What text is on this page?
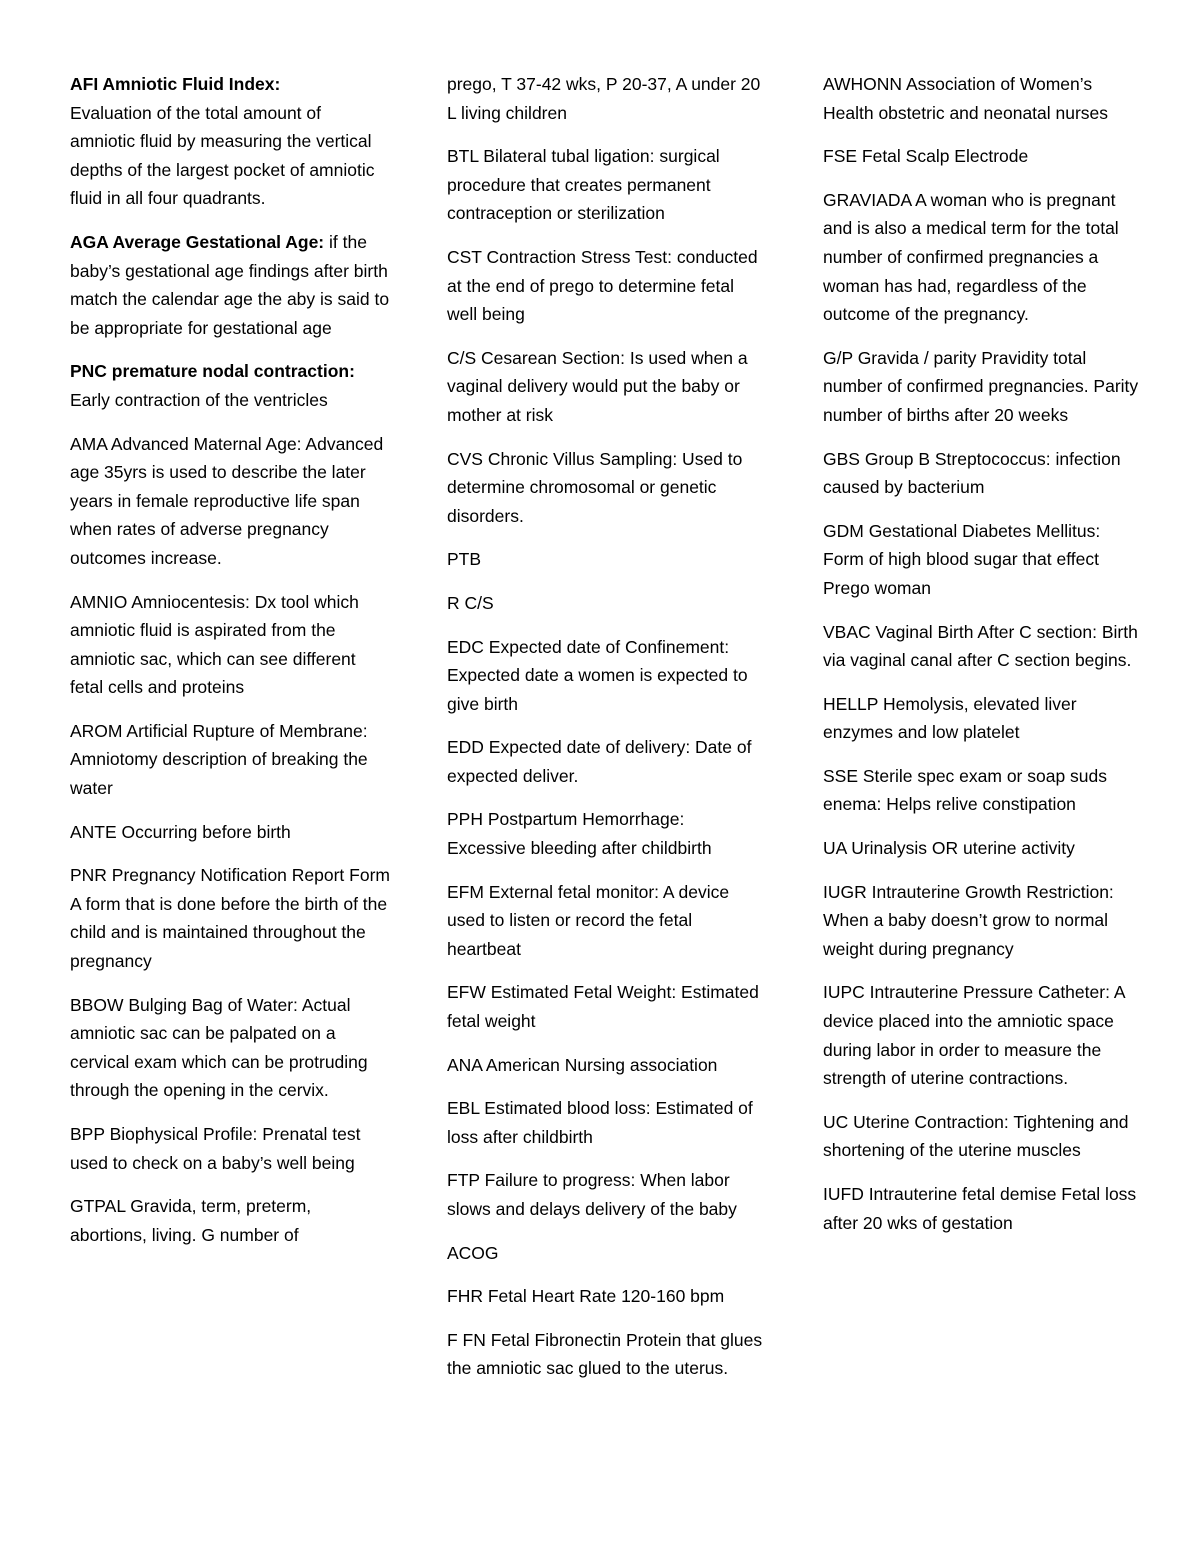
AFI Amniotic Fluid Index:
Evaluation of the total amount of amniotic fluid by measuring the vertical depths of the largest pocket of amniotic fluid in all four quadrants.

AGA Average Gestational Age: if the baby’s gestational age findings after birth match the calendar age the aby is said to be appropriate for gestational age

PNC premature nodal contraction:
Early contraction of the ventricles

AMA Advanced Maternal Age: Advanced age 35yrs is used to describe the later years in female reproductive life span when rates of adverse pregnancy outcomes increase.

AMNIO Amniocentesis: Dx tool which amniotic fluid is aspirated from the amniotic sac, which can see different fetal cells and proteins

AROM Artificial Rupture of Membrane: Amniotomy description of breaking the water

ANTE Occurring before birth

PNR Pregnancy Notification Report Form A form that is done before the birth of the child and is maintained throughout the pregnancy

BBOW Bulging Bag of Water: Actual amniotic sac can be palpated on a cervical exam which can be protruding through the opening in the cervix.

BPP Biophysical Profile: Prenatal test used to check on a baby’s well being

GTPAL Gravida, term, preterm, abortions, living. G number of

prego, T 37-42 wks, P 20-37, A under 20 L living children

BTL Bilateral tubal ligation: surgical procedure that creates permanent contraception or sterilization

CST Contraction Stress Test: conducted at the end of prego to determine fetal well being

C/S Cesarean Section: Is used when a vaginal delivery would put the baby or mother at risk

CVS Chronic Villus Sampling: Used to determine chromosomal or genetic disorders.

PTB

R C/S

EDC Expected date of Confinement: Expected date a women is expected to give birth

EDD Expected date of delivery: Date of expected deliver.

PPH Postpartum Hemorrhage: Excessive bleeding after childbirth

EFM External fetal monitor: A device used to listen or record the fetal heartbeat

EFW Estimated Fetal Weight: Estimated fetal weight

ANA American Nursing association

EBL Estimated blood loss: Estimated of loss after childbirth

FTP Failure to progress: When labor slows and delays delivery of the baby

ACOG

FHR Fetal Heart Rate 120-160 bpm

F FN Fetal Fibronectin Protein that glues the amniotic sac glued to the uterus.

AWHONN Association of Women’s Health obstetric and neonatal nurses

FSE Fetal Scalp Electrode

GRAVIADA A woman who is pregnant and is also a medical term for the total number of confirmed pregnancies a woman has had, regardless of the outcome of the pregnancy.

G/P Gravida / parity Pravidity total number of confirmed pregnancies. Parity number of births after 20 weeks

GBS Group B Streptococcus: infection caused by bacterium

GDM Gestational Diabetes Mellitus: Form of high blood sugar that effect Prego woman

VBAC Vaginal Birth After C section: Birth via vaginal canal after C section begins.

HELLP Hemolysis, elevated liver enzymes and low platelet

SSE Sterile spec exam or soap suds enema: Helps relive constipation

UA Urinalysis OR uterine activity

IUGR Intrauterine Growth Restriction: When a baby doesn’t grow to normal weight during pregnancy

IUPC Intrauterine Pressure Catheter: A device placed into the amniotic space during labor in order to measure the strength of uterine contractions.

UC Uterine Contraction: Tightening and shortening of the uterine muscles

IUFD Intrauterine fetal demise Fetal loss after 20 wks of gestation
